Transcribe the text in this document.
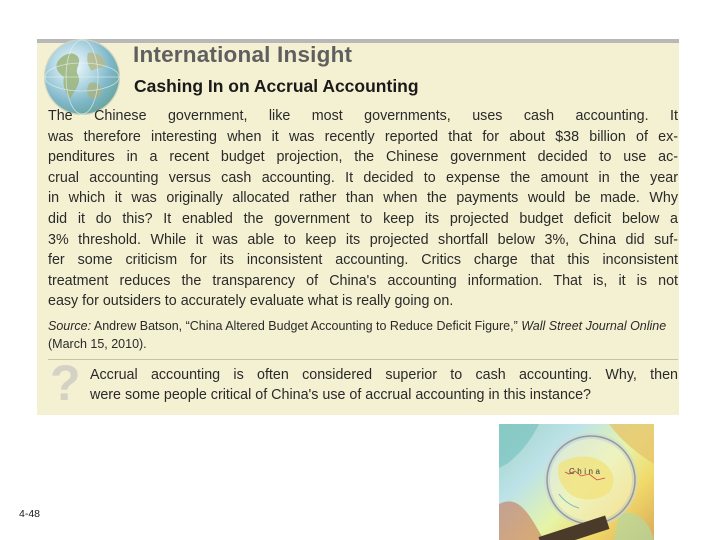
International Insight
Cashing In on Accrual Accounting

The Chinese government, like most governments, uses cash accounting. It
was therefore interesting when it was recently reported that for about $38 billion of ex-
penditures in a recent budget projection, the Chinese government decided to use ac-
crual accounting versus cash accounting. It decided to expense the amount in the year
in which it was originally allocated rather than when the payments would be made. Why
did it do this? It enabled the government to keep its projected budget deficit below a
3% threshold. While it was able to keep its projected shortfall below 3%, China did suf-
fer some criticism for its inconsistent accounting. Critics charge that this inconsistent
treatment reduces the transparency of China's accounting information. That is, it is not
easy for outsiders to accurately evaluate what is really going on.

Source: Andrew Batson, “China Altered Budget Accounting to Reduce Deficit Figure,” Wall Street Journal Online (March 15, 2010).

? Accrual accounting is often considered superior to cash accounting. Why, then
were some people critical of China's use of accrual accounting in this instance?

China

4-48
